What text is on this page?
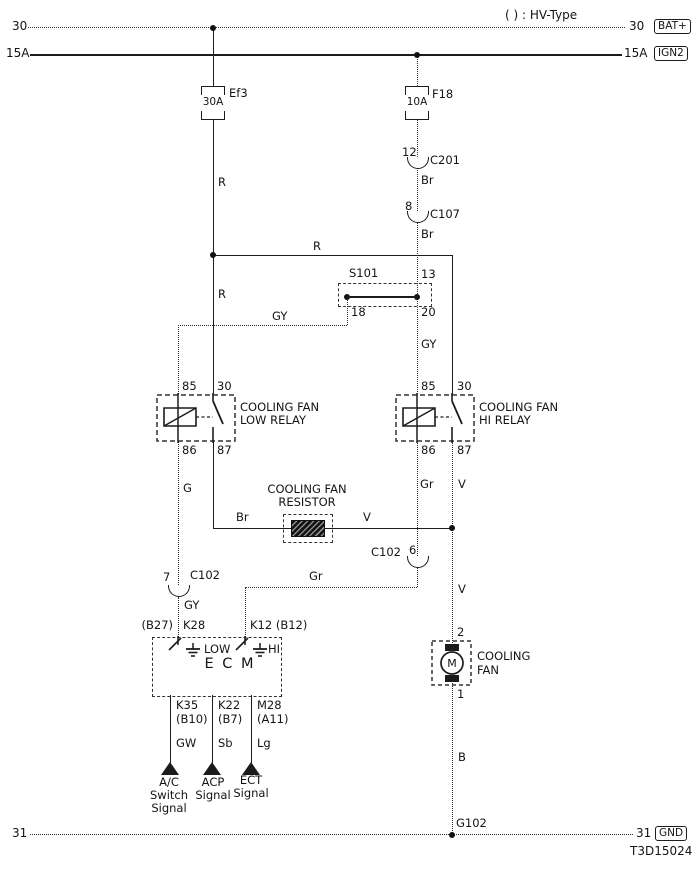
30	30	BAT+
15A	15A	IGN2
31	31 GND
( ) : HV-Type
T3D15024
30A
Ef3
10A
F18
12
C201
8
C107
C102 6
7 C102
S101	13
18	20
85 30
86 87
COOLING FAN
LOW RELAY
85 30
86 87
COOLING FAN
HI RELAY
COOLING FAN
RESISTOR
M
2
1
COOLING
FAN
LOW	HI
E C M
(B27) K28	K12 (B12)
K35
(B10)
GW
K22
(B7)
Sb
M28
(A11)
Lg
A/C
Switch
Signal
ACP
Signal
ECT
Signal
G102
R
R
R
Br
Br
GY
GY
G	Gr V
Br	V
Gr
GY
V
B
